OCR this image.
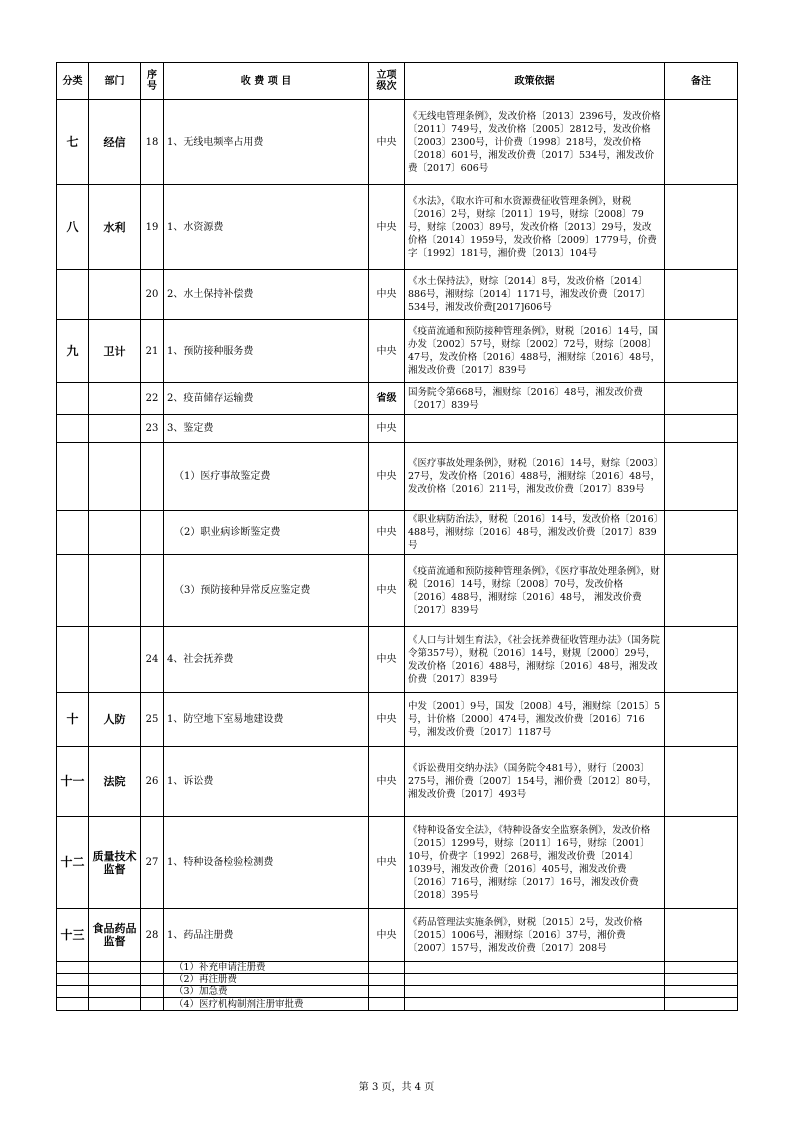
分类	部门	序号	收 费 项 目	立项级次	政策依据	备注
七	经信	18	1、无线电频率占用费	中央	《无线电管理条例》，发改价格〔2013〕2396号，发改价格〔2011〕749号，发改价格〔2005〕2812号，发改价格〔2003〕2300号，计价费〔1998〕218号，发改价格〔2018〕601号，湘发改价费〔2017〕534号，湘发改价费〔2017〕606号	
八	水利	19	1、水资源费	中央	《水法》，《取水许可和水资源费征收管理条例》，财税〔2016〕2号，财综〔2011〕19号，财综〔2008〕79号，财综〔2003〕89号，发改价格〔2013〕29号，发改价格〔2014〕1959号，发改价格〔2009〕1779号，价费字〔1992〕181号，湘价费〔2013〕104号	
		20	2、水土保持补偿费	中央	《水土保持法》，财综〔2014〕8号，发改价格〔2014〕886号，湘财综〔2014〕1171号，湘发改价费〔2017〕534号，湘发改价费[2017]606号	
九	卫计	21	1、预防接种服务费	中央	《疫苗流通和预防接种管理条例》，财税〔2016〕14号，国办发〔2002〕57号，财综〔2002〕72号，财综〔2008〕47号，发改价格〔2016〕488号，湘财综〔2016〕48号，湘发改价费〔2017〕839号	
		22	2、疫苗储存运输费	省级	国务院令第668号，湘财综〔2016〕48号，湘发改价费〔2017〕839号	
		23	3、鉴定费	中央		
			（1）医疗事故鉴定费	中央	《医疗事故处理条例》，财税〔2016〕14号，财综〔2003〕27号，发改价格〔2016〕488号，湘财综〔2016〕48号，发改价格〔2016〕211号，湘发改价费〔2017〕839号	
			（2）职业病诊断鉴定费	中央	《职业病防治法》，财税〔2016〕14号，发改价格〔2016〕488号，湘财综〔2016〕48号，湘发改价费〔2017〕839号	
			（3）预防接种异常反应鉴定费	中央	《疫苗流通和预防接种管理条例》，《医疗事故处理条例》，财税〔2016〕14号，财综〔2008〕70号，发改价格〔2016〕488号，湘财综〔2016〕48号， 湘发改价费〔2017〕839号	
		24	4、社会抚养费	中央	《人口与计划生育法》，《社会抚养费征收管理办法》（国务院令第357号），财税〔2016〕14号，财规〔2000〕29号，发改价格〔2016〕488号，湘财综〔2016〕48号，湘发改价费〔2017〕839号	
十	人防	25	1、防空地下室易地建设费	中央	中发〔2001〕9号，国发〔2008〕4号，湘财综〔2015〕5号，计价格〔2000〕474号，湘发改价费〔2016〕716号，湘发改价费〔2017〕1187号	
十一	法院	26	1、诉讼费	中央	《诉讼费用交纳办法》（国务院令481号），财行〔2003〕275号，湘价费〔2007〕154号，湘价费〔2012〕80号，湘发改价费〔2017〕493号	
十二	质量技术监督	27	1、特种设备检验检测费	中央	《特种设备安全法》，《特种设备安全监察条例》，发改价格〔2015〕1299号，财综〔2011〕16号，财综〔2001〕10号，价费字〔1992〕268号，湘发改价费〔2014〕1039号，湘发改价费〔2016〕405号，湘发改价费〔2016〕716号，湘财综〔2017〕16号，湘发改价费〔2018〕395号	
十三	食品药品监督	28	1、药品注册费	中央	《药品管理法实施条例》，财税〔2015〕2号，发改价格〔2015〕1006号，湘财综〔2016〕37号，湘价费〔2007〕157号，湘发改价费〔2017〕208号	
			（1）补充申请注册费			
			（2）再注册费			
			（3）加急费			
			（4）医疗机构制剂注册审批费			
第 3 页，共 4 页
